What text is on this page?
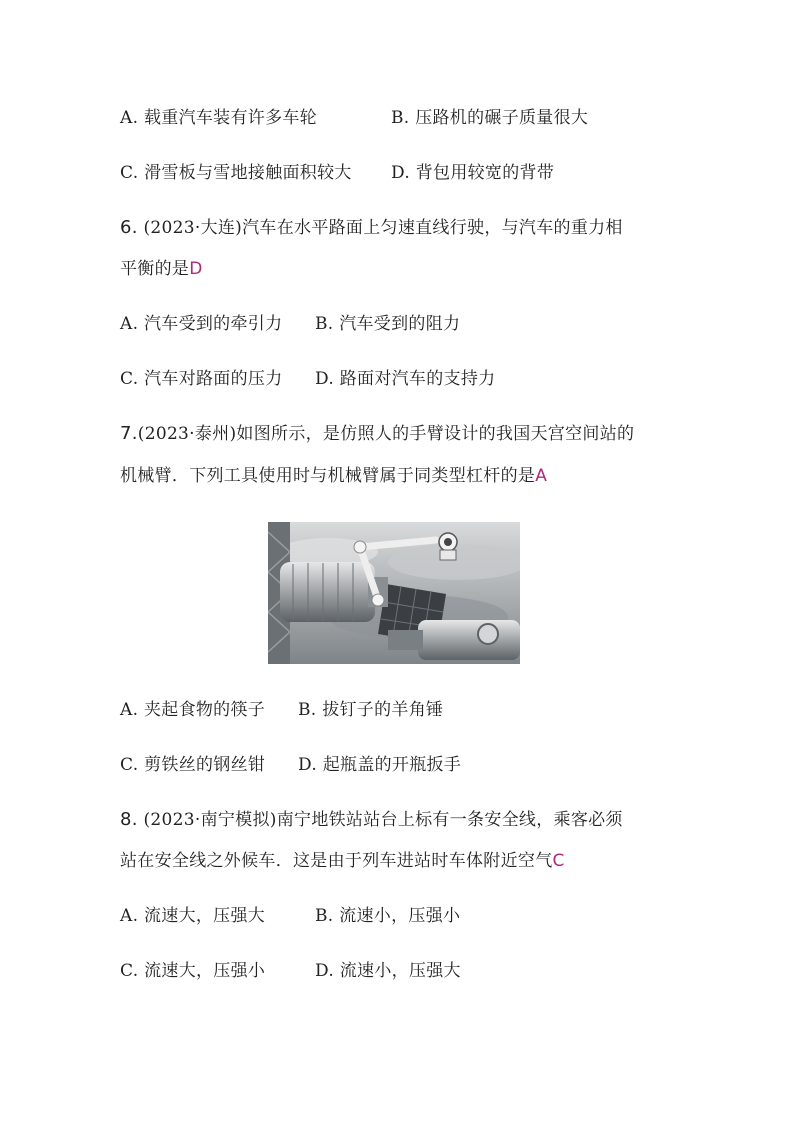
A. 载重汽车装有许多车轮	B. 压路机的碾子质量很大
C. 滑雪板与雪地接触面积较大 D. 背包用较宽的背带
6. (2023·大连)汽车在水平路面上匀速直线行驶，与汽车的重力相
平衡的是D
A. 汽车受到的牵引力 B. 汽车受到的阻力
C. 汽车对路面的压力 D. 路面对汽车的支持力
7.(2023·泰州)如图所示，是仿照人的手臂设计的我国天宫空间站的
机械臂．下列工具使用时与机械臂属于同类型杠杆的是A
A. 夹起食物的筷子 B. 拔钉子的羊角锤
C. 剪铁丝的钢丝钳 D. 起瓶盖的开瓶扳手
8. (2023·南宁模拟)南宁地铁站站台上标有一条安全线，乘客必须
站在安全线之外候车．这是由于列车进站时车体附近空气C
A. 流速大，压强大	B. 流速小，压强小
C. 流速大，压强小	D. 流速小，压强大
